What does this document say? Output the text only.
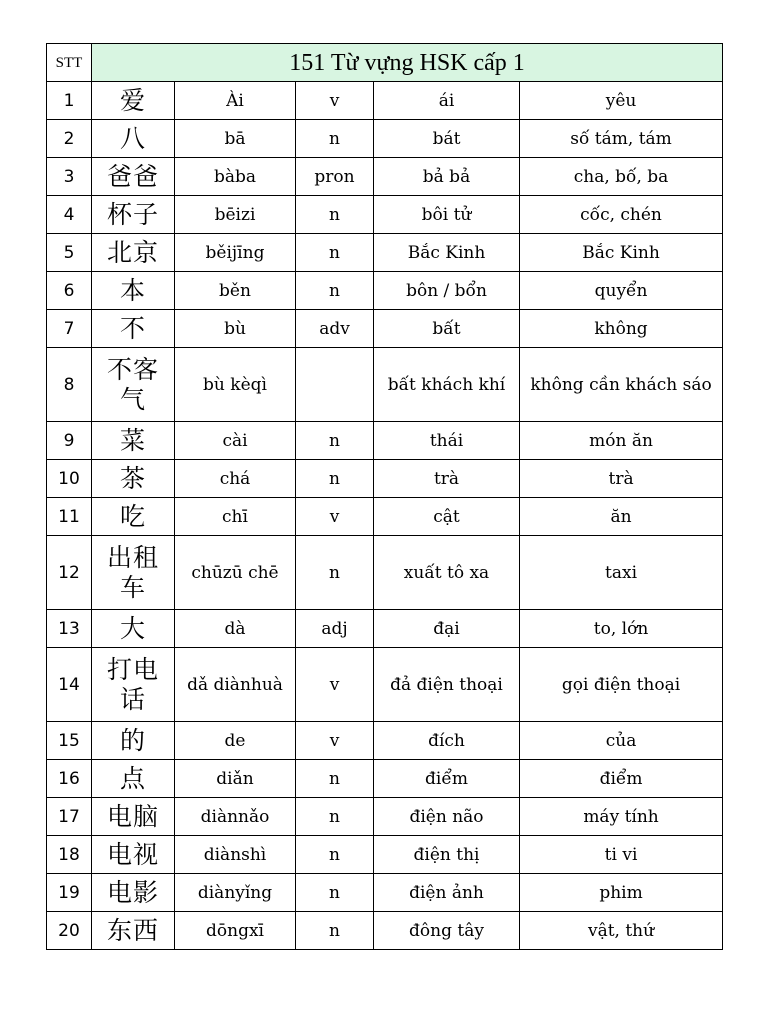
STT	151 Từ vựng HSK cấp 1				
1	爱	Ài	v	ái	yêu
2	八	bā	n	bát	số tám, tám
3	爸爸	bàba	pron	bả bả	cha, bố, ba
4	杯子	bēizi	n	bôi tử	cốc, chén
5	北京	běijīng	n	Bắc Kinh	Bắc Kinh
6	本	běn	n	bôn / bổn	quyển
7	不	bù	adv	bất	không
8	不客气	bù kèqì		bất khách khí	không cần khách sáo
9	菜	cài	n	thái	món ăn
10	茶	chá	n	trà	trà
11	吃	chī	v	cật	ăn
12	出租车	chūzū chē	n	xuất tô xa	taxi
13	大	dà	adj	đại	to, lớn
14	打电话	dǎ diànhuà	v	đả điện thoại	gọi điện thoại
15	的	de	v	đích	của
16	点	diǎn	n	điểm	điểm
17	电脑	diànnǎo	n	điện não	máy tính
18	电视	diànshì	n	điện thị	ti vi
19	电影	diànyǐng	n	điện ảnh	phim
20	东西	dōngxī	n	đông tây	vật, thứ
